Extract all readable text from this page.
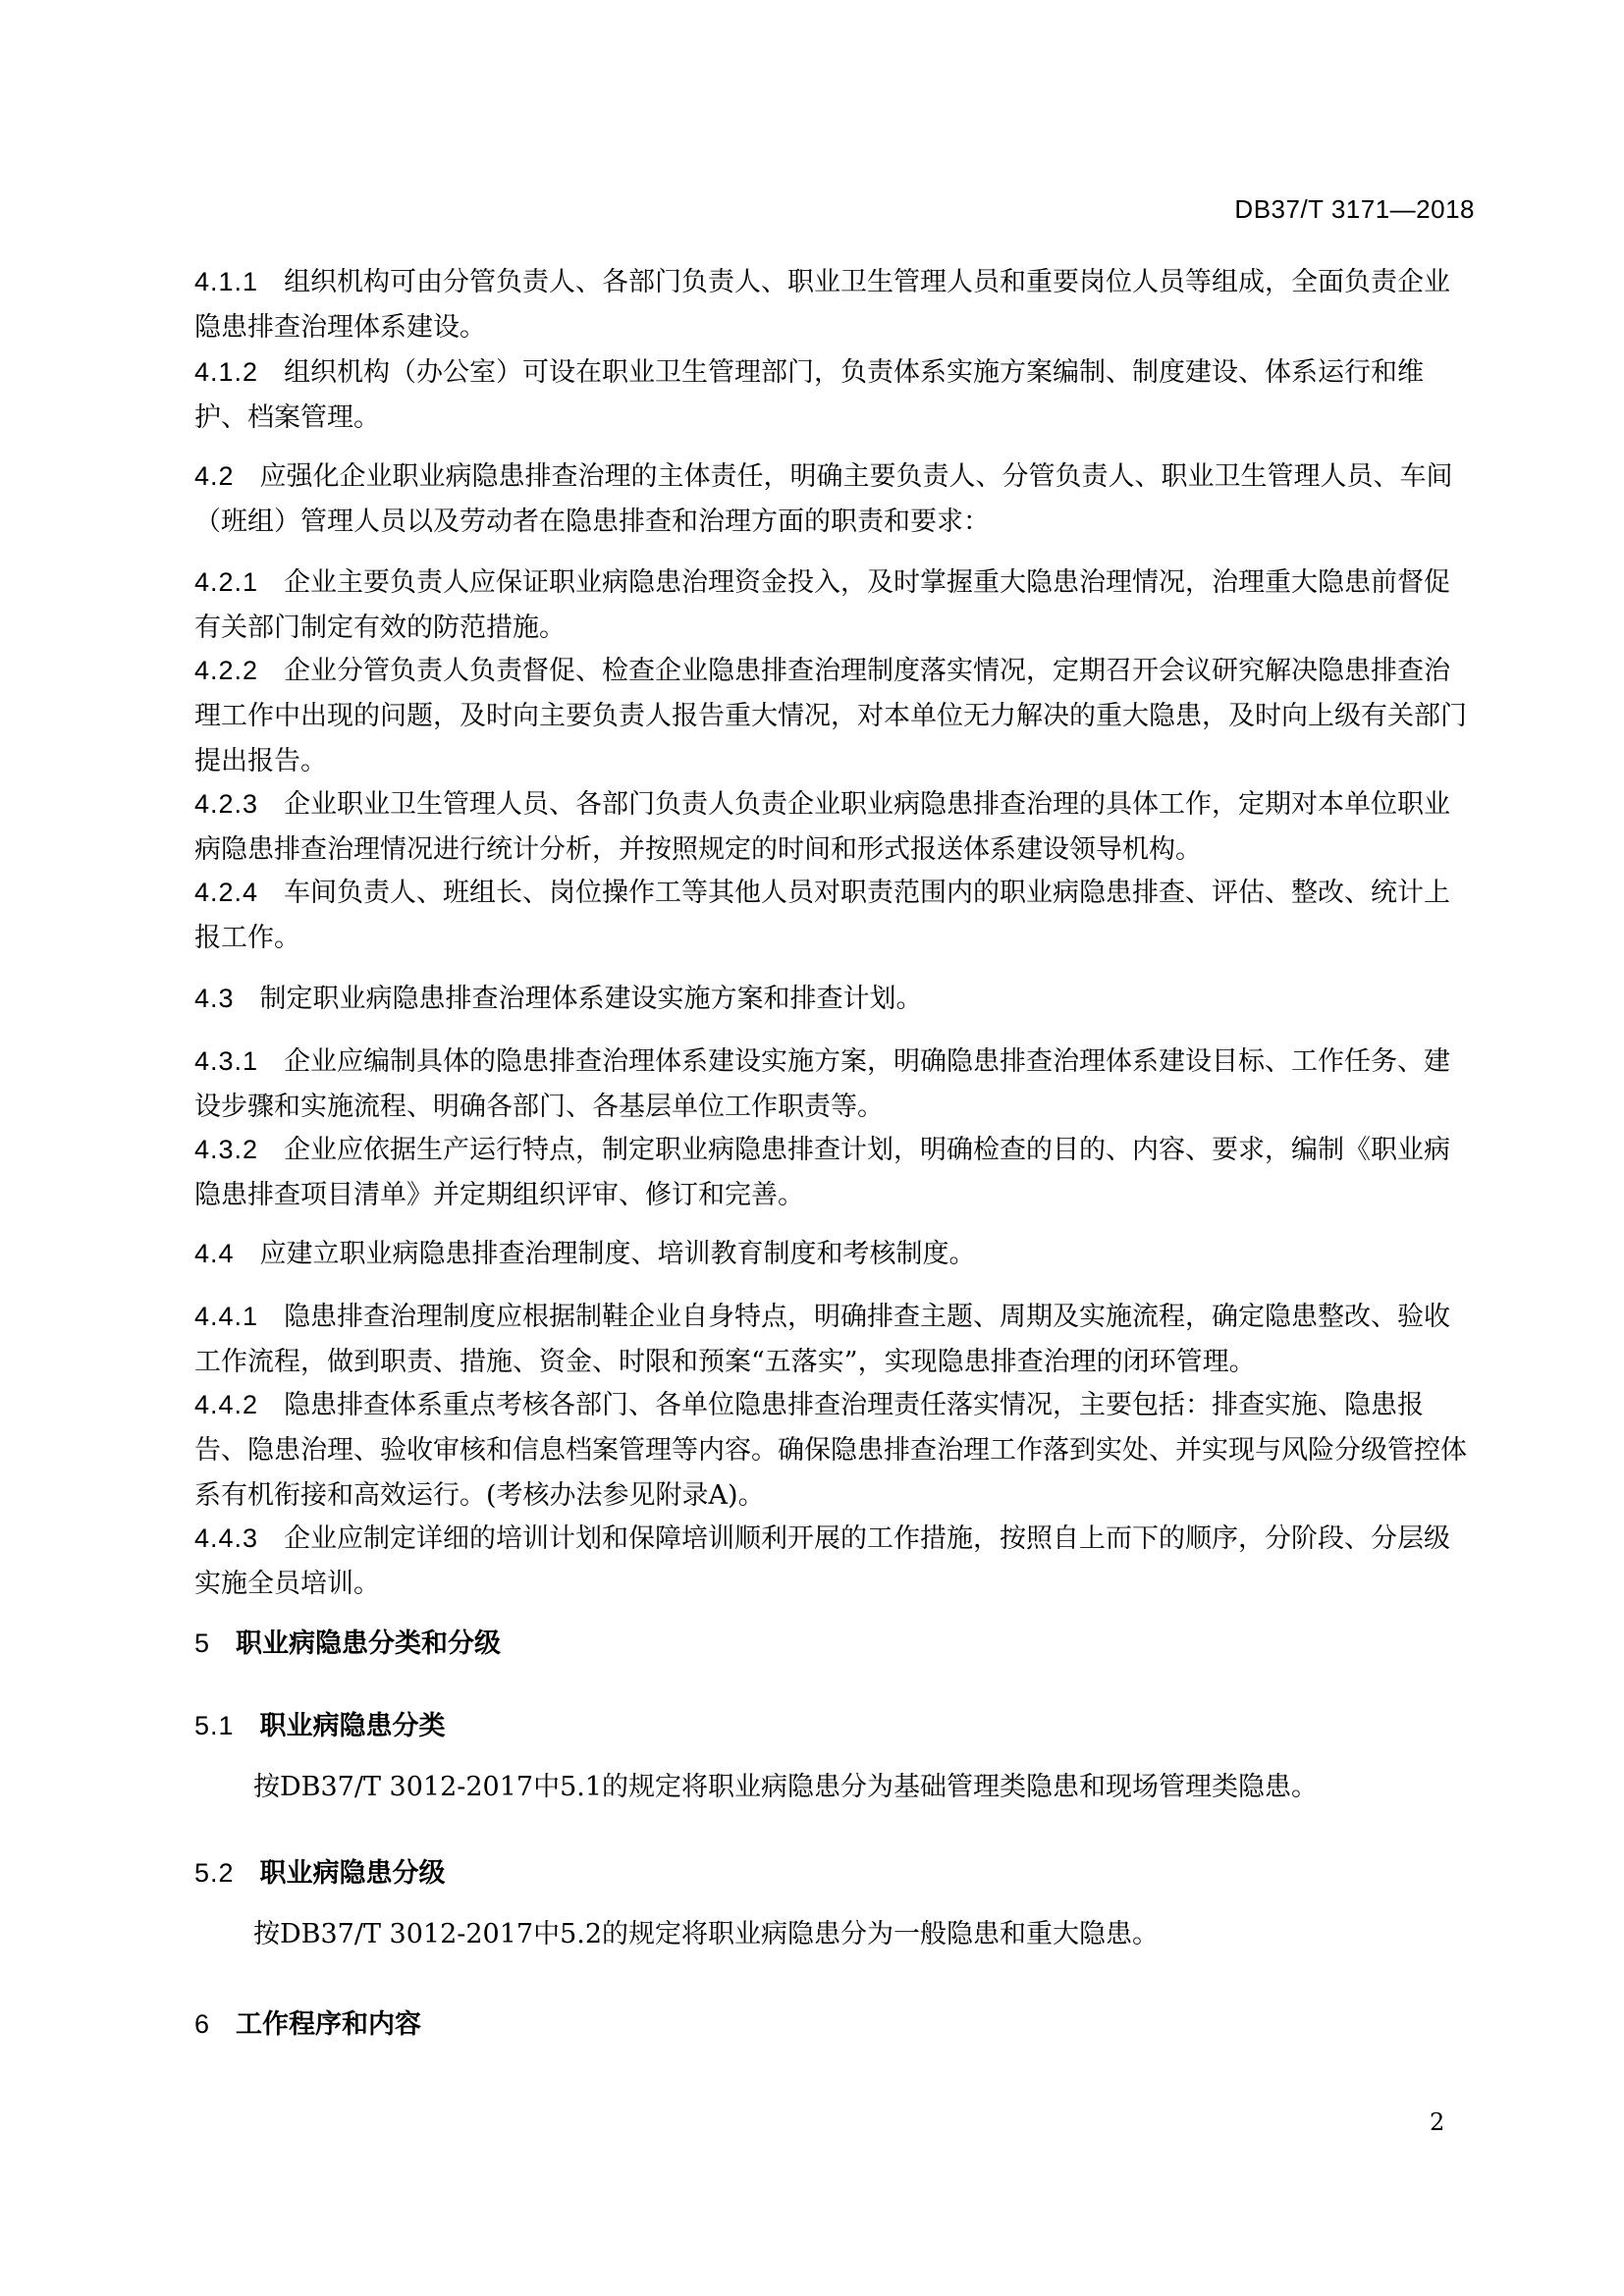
DB37/T 3171—2018

4.1.1 组织机构可由分管负责人、各部门负责人、职业卫生管理人员和重要岗位人员等组成，全面负责企业隐患排查治理体系建设。

4.1.2 组织机构（办公室）可设在职业卫生管理部门，负责体系实施方案编制、制度建设、体系运行和维护、档案管理。

4.2 应强化企业职业病隐患排查治理的主体责任，明确主要负责人、分管负责人、职业卫生管理人员、车间（班组）管理人员以及劳动者在隐患排查和治理方面的职责和要求：

4.2.1 企业主要负责人应保证职业病隐患治理资金投入，及时掌握重大隐患治理情况，治理重大隐患前督促有关部门制定有效的防范措施。

4.2.2 企业分管负责人负责督促、检查企业隐患排查治理制度落实情况，定期召开会议研究解决隐患排查治理工作中出现的问题，及时向主要负责人报告重大情况，对本单位无力解决的重大隐患，及时向上级有关部门提出报告。

4.2.3 企业职业卫生管理人员、各部门负责人负责企业职业病隐患排查治理的具体工作，定期对本单位职业病隐患排查治理情况进行统计分析，并按照规定的时间和形式报送体系建设领导机构。

4.2.4 车间负责人、班组长、岗位操作工等其他人员对职责范围内的职业病隐患排查、评估、整改、统计上报工作。

4.3 制定职业病隐患排查治理体系建设实施方案和排查计划。

4.3.1 企业应编制具体的隐患排查治理体系建设实施方案，明确隐患排查治理体系建设目标、工作任务、建设步骤和实施流程、明确各部门、各基层单位工作职责等。

4.3.2 企业应依据生产运行特点，制定职业病隐患排查计划，明确检查的目的、内容、要求，编制《职业病隐患排查项目清单》并定期组织评审、修订和完善。

4.4 应建立职业病隐患排查治理制度、培训教育制度和考核制度。

4.4.1 隐患排查治理制度应根据制鞋企业自身特点，明确排查主题、周期及实施流程，确定隐患整改、验收工作流程，做到职责、措施、资金、时限和预案“五落实”，实现隐患排查治理的闭环管理。

4.4.2 隐患排查体系重点考核各部门、各单位隐患排查治理责任落实情况，主要包括：排查实施、隐患报告、隐患治理、验收审核和信息档案管理等内容。确保隐患排查治理工作落到实处、并实现与风险分级管控体系有机衔接和高效运行。(考核办法参见附录A)。

4.4.3 企业应制定详细的培训计划和保障培训顺利开展的工作措施，按照自上而下的顺序，分阶段、分层级实施全员培训。

5 职业病隐患分类和分级
5.1 职业病隐患分类

按DB37/T 3012-2017中5.1的规定将职业病隐患分为基础管理类隐患和现场管理类隐患。

5.2 职业病隐患分级

按DB37/T 3012-2017中5.2的规定将职业病隐患分为一般隐患和重大隐患。

6 工作程序和内容
2
